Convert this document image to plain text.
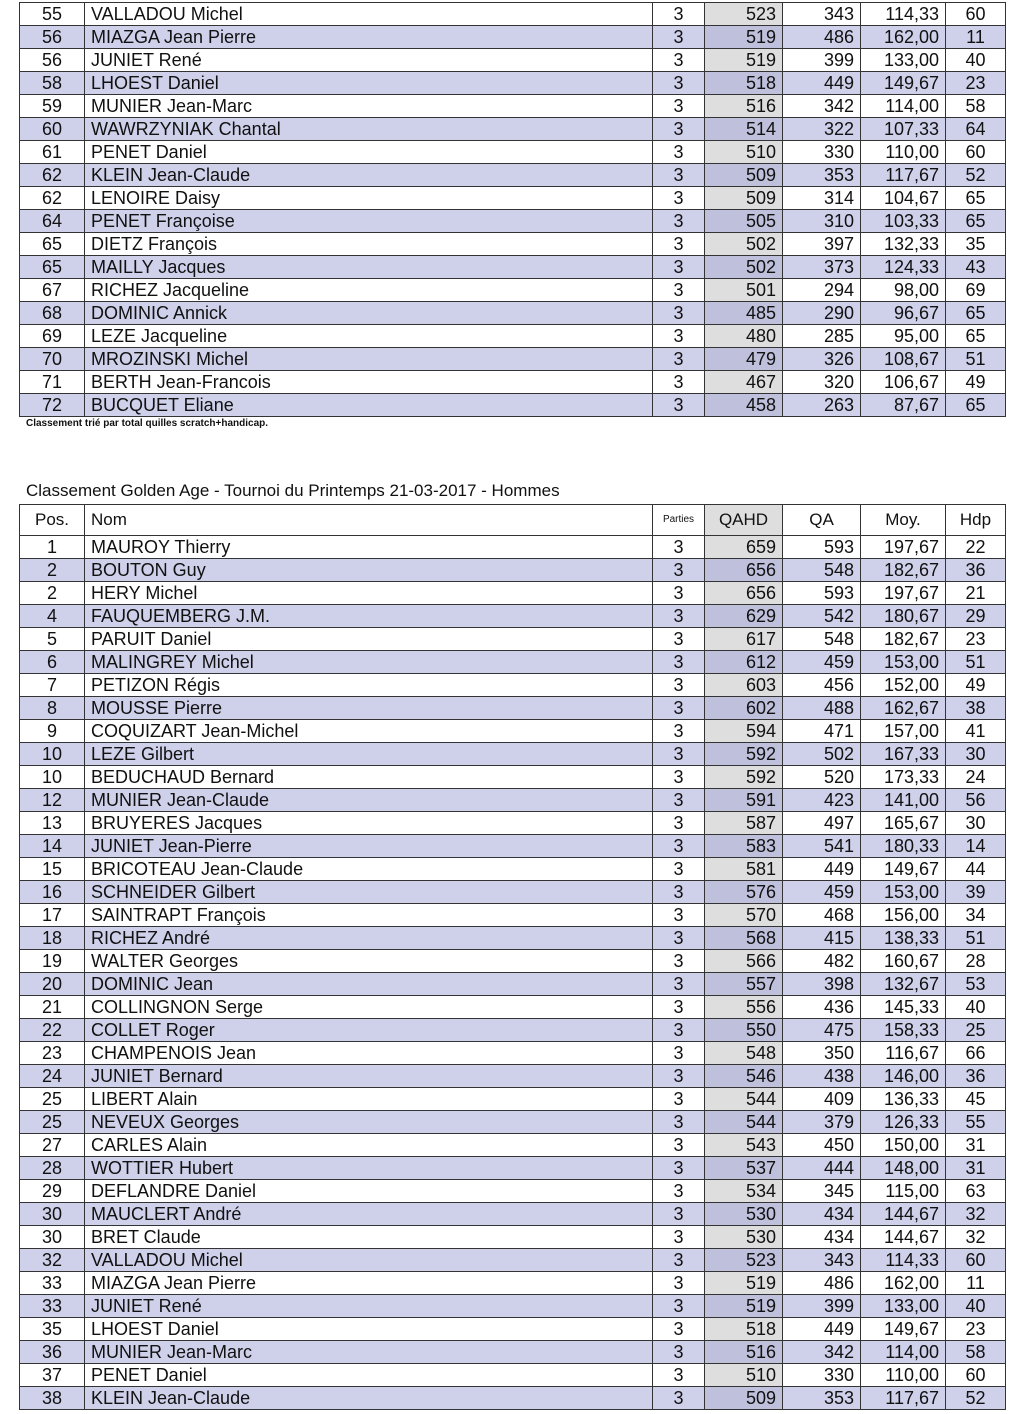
55	VALLADOU Michel	3	523	343	114,33	60
56	MIAZGA Jean Pierre	3	519	486	162,00	11
56	JUNIET René	3	519	399	133,00	40
58	LHOEST Daniel	3	518	449	149,67	23
59	MUNIER Jean-Marc	3	516	342	114,00	58
60	WAWRZYNIAK Chantal	3	514	322	107,33	64
61	PENET Daniel	3	510	330	110,00	60
62	KLEIN Jean-Claude	3	509	353	117,67	52
62	LENOIRE Daisy	3	509	314	104,67	65
64	PENET Françoise	3	505	310	103,33	65
65	DIETZ François	3	502	397	132,33	35
65	MAILLY Jacques	3	502	373	124,33	43
67	RICHEZ Jacqueline	3	501	294	98,00	69
68	DOMINIC Annick	3	485	290	96,67	65
69	LEZE Jacqueline	3	480	285	95,00	65
70	MROZINSKI Michel	3	479	326	108,67	51
71	BERTH Jean-Francois	3	467	320	106,67	49
72	BUCQUET Eliane	3	458	263	87,67	65
Classement trié par total quilles scratch+handicap.
Classement Golden Age - Tournoi du Printemps 21-03-2017 - Hommes
Pos.	Nom	Parties	QAHD	QA	Moy.	Hdp
1	MAUROY Thierry	3	659	593	197,67	22
2	BOUTON Guy	3	656	548	182,67	36
2	HERY Michel	3	656	593	197,67	21
4	FAUQUEMBERG J.M.	3	629	542	180,67	29
5	PARUIT Daniel	3	617	548	182,67	23
6	MALINGREY Michel	3	612	459	153,00	51
7	PETIZON Régis	3	603	456	152,00	49
8	MOUSSE Pierre	3	602	488	162,67	38
9	COQUIZART Jean-Michel	3	594	471	157,00	41
10	LEZE Gilbert	3	592	502	167,33	30
10	BEDUCHAUD Bernard	3	592	520	173,33	24
12	MUNIER Jean-Claude	3	591	423	141,00	56
13	BRUYERES Jacques	3	587	497	165,67	30
14	JUNIET Jean-Pierre	3	583	541	180,33	14
15	BRICOTEAU Jean-Claude	3	581	449	149,67	44
16	SCHNEIDER Gilbert	3	576	459	153,00	39
17	SAINTRAPT François	3	570	468	156,00	34
18	RICHEZ André	3	568	415	138,33	51
19	WALTER Georges	3	566	482	160,67	28
20	DOMINIC Jean	3	557	398	132,67	53
21	COLLINGNON Serge	3	556	436	145,33	40
22	COLLET Roger	3	550	475	158,33	25
23	CHAMPENOIS Jean	3	548	350	116,67	66
24	JUNIET Bernard	3	546	438	146,00	36
25	LIBERT Alain	3	544	409	136,33	45
25	NEVEUX Georges	3	544	379	126,33	55
27	CARLES Alain	3	543	450	150,00	31
28	WOTTIER Hubert	3	537	444	148,00	31
29	DEFLANDRE Daniel	3	534	345	115,00	63
30	MAUCLERT André	3	530	434	144,67	32
30	BRET Claude	3	530	434	144,67	32
32	VALLADOU Michel	3	523	343	114,33	60
33	MIAZGA Jean Pierre	3	519	486	162,00	11
33	JUNIET René	3	519	399	133,00	40
35	LHOEST Daniel	3	518	449	149,67	23
36	MUNIER Jean-Marc	3	516	342	114,00	58
37	PENET Daniel	3	510	330	110,00	60
38	KLEIN Jean-Claude	3	509	353	117,67	52
